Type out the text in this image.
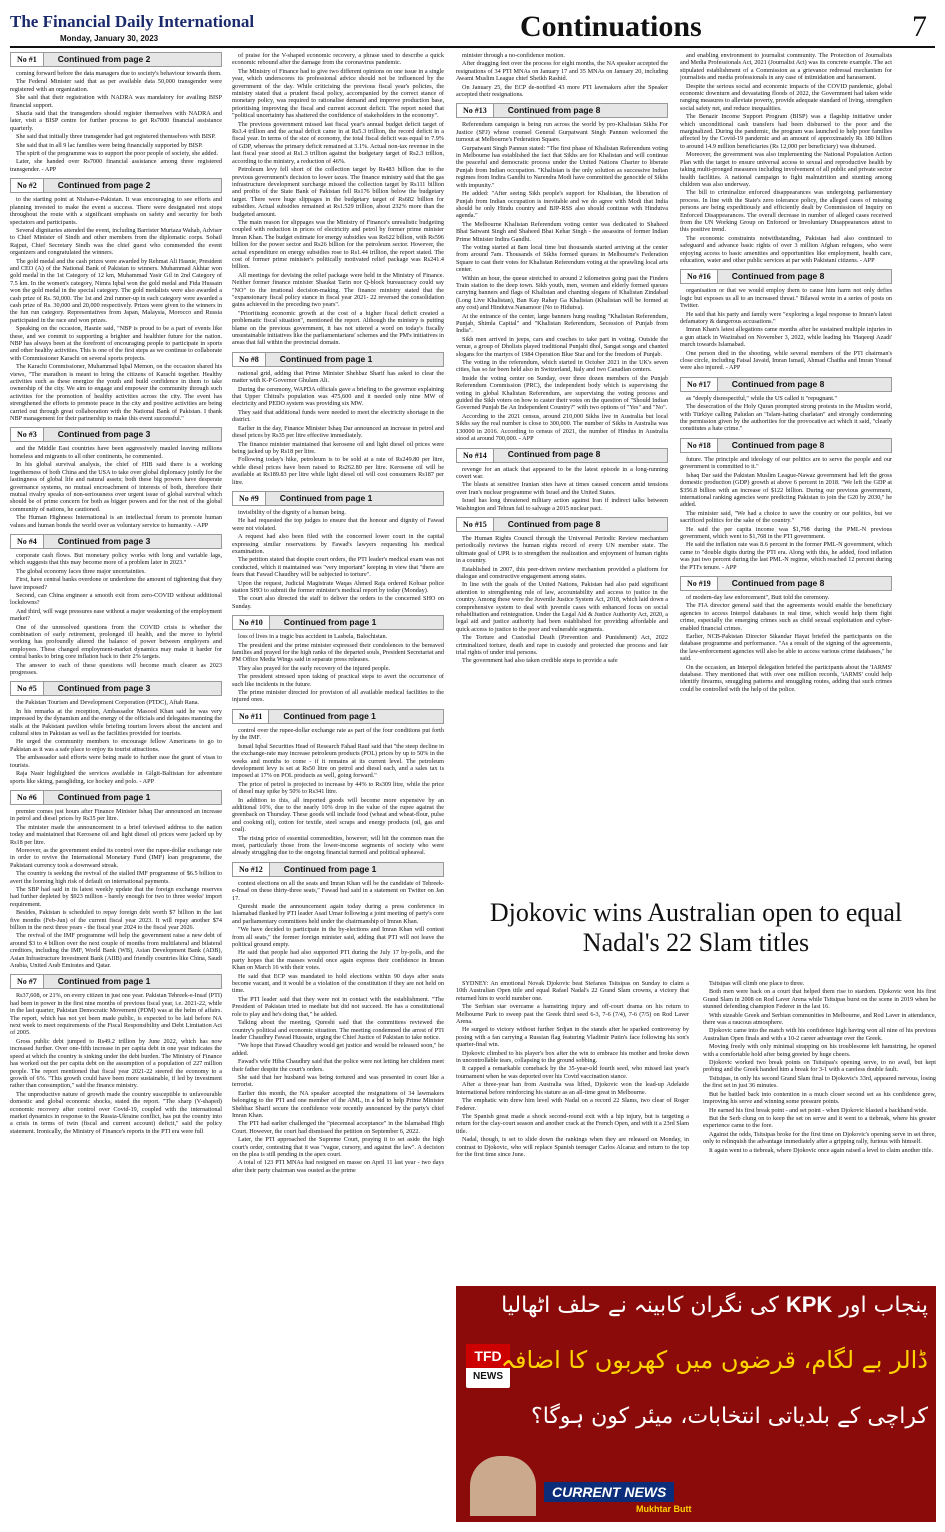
The Financial Daily International
Monday, January 30, 2023	Continuations	7
No #1	Continued from page 2

coming forward before the data managers due to society's behaviour towards them.

The Federal Minister said that as per available data 50,000 transgender were registered with an organization.

She said that their registration with NADRA was mandatory for availing BISP financial support.

Shazia said that the transgenders should register themselves with NADRA and later, visit a BISP centre for further process to get Rs7000 financial assistance quarterly.

She said that initially three transgender had got registered themselves with BISP.

She said that in all 9 lac families were being financially supported by BISP.

The spirit of the programme was to support the poor people of society, she added.

Later, she handed over Rs7000 financial assistance among three registered transgender. - APP

No #2	Continued from page 2

to the starting point at Nishan-e-Pakistan. It was encouraging to see efforts and planning invested to make the event a success. There were designated rest stops throughout the route with a significant emphasis on safety and security for both spectators and participants.

Several dignitaries attended the event, including Barrister Murtaza Wahab, Adviser to Chief Minister of Sindh and other members from the diplomatic corps. Sohail Rajput, Chief Secretary Sindh was the chief guest who commended the event organizers and congratulated the winners.

The gold medal and the cash prizes were awarded by Rehmat Ali Hasnie, President and CEO (A) of the National Bank of Pakistan to winners. Muhammad Akhtar won gold medal in the 1st Category of 12 km, Muhammad Yasir Gil in 2nd Category of 7.5 km. In the women's category, Nimra Iqbal won the gold medal and Fida Hussain won the gold medal in the special category. The gold medalists were also awarded a cash prize of Rs. 50,000. The 1st and 2nd runner-up in each category were awarded a cash prize of Rs. 30,000 and 20,000 respectively. Prizes were given to the winners in the fun run category. Representatives from Japan, Malaysia, Morocco and Russia participated in the race and won prizes.

Speaking on the occasion, Hasnie said, "NBP is proud to be a part of events like these, and we commit to supporting a brighter and healthier future for the nation. NBP has always been at the forefront of encouraging people to participate in sports and other healthy activities. This is one of the first steps as we continue to collaborate with Commissioner Karachi on several sports projects.

The Karachi Commissioner, Muhammad Iqbal Memon, on the occasion shared his views, "The marathon is meant to bring the citizens of Karachi together. Healthy activities such as these energize the youth and build confidence in them to take ownership of the city. We aim to engage and empower the community through such activities for the promotion of healthy activities across the city. The event has strengthened the efforts to promote peace in the city and positive activities are being carried out through great collaboration with the National Bank of Pakistan. I thank NBP management for their partnership to make this event successful."

No #3	Continued from page 3

and the Middle East countries have been aggressively mauled leaving millions homeless and migrants to all other continents, he commented.

In his global survival analysis, the chief of HIB said there is a working togetherness of both China and the USA to take over global diplomacy jointly for the lastingness of global life and natural assets; both these big powers have desperate governance systems, no mutual encroachment of interests of both, therefore their mutual rivalry speaks of non-seriousness over urgent issue of global survival which should be of prime concern for both as bigger powers and for the rest of the global community of nations, he cautioned.

The Human Highness International is an intellectual forum to promote human values and human bonds the world over as voluntary service to humanity. - APP

No #4	Continued from page 3

corporate cash flows. But monetary policy works with long and variable lags, which suggests that this may become more of a problem later in 2023."

The global economy faces three major uncertainties.

First, have central banks overdone or underdone the amount of tightening that they have imposed?

Second, can China engineer a smooth exit from zero-COVID without additional lockdowns?

And third, will wage pressures ease without a major weakening of the employment market?

One of the unresolved questions from the COVID crisis is whether the combination of early retirement, prolonged ill health, and the move to hybrid working has profoundly altered the balance of power between employers and employees. These changed employment-market dynamics may make it harder for central banks to bring core inflation back to their 2% targets.

The answer to each of these questions will become much clearer as 2023 progresses.

No #5	Continued from page 3

the Pakistan Tourism and Development Corporation (PTDC), Aftab Rana.

In his remarks at the reception, Ambassador Masood Khan said he was very impressed by the dynamism and the energy of the officials and delegates manning the stalls at the Pakistani pavilion while briefing tourism lovers about the ancient and cultural sites in Pakistan as well as the facilities provided for tourists.

He urged the community members to encourage fellow Americans to go to Pakistan as it was a safe place to enjoy its tourist attractions.

The ambassador said efforts were being made to further ease the grant of visas to tourists.

Raja Nasir highlighted the services available in Gilgit-Baltistan for adventure sports like skiing, paragliding, ice hockey and polo. - APP

No #6	Continued from page 1

premier comes just hours after Finance Minister Ishaq Dar announced an increase in petrol and diesel prices by Rs35 per litre.

The minister made the announcement in a brief televised address to the nation today and maintained that Kerosene oil and light diesel oil prices were jacked up by Rs18 per litre.

Moreover, as the government ended its control over the rupee-dollar exchange rate in order to revive the International Monetary Fund (IMF) loan programme, the Pakistani currency took a downward streak.

The country is seeking the revival of the stalled IMF programme of $6.5 billion to avert the looming high risk of default on international payments.

The SBP had said in its latest weekly update that the foreign exchange reserves had further depleted by $923 million - barely enough for two to three weeks' import requirement.

Besides, Pakistan is scheduled to repay foreign debt worth $7 billion in the last five months (Feb-Jun) of the current fiscal year 2023. It will repay another $74 billion in the next three years - the fiscal year 2024 to the fiscal year 2026.

The revival of the IMF programme will help the government raise a new debt of around $3 to 4 billion over the next couple of months from multilateral and bilateral creditors, including the IMF, World Bank (WB), Asian Development Bank (ADB), Asian Infrastructure Investment Bank (AIIB) and friendly countries like China, Saudi Arabia, United Arab Emirates and Qatar.

No #7	Continued from page 1

Rs37,608, or 21%, on every citizen in just one year. Pakistan Tehreek-e-Insaf (PTI) had been in power in the first nine months of previous fiscal year, i.e. 2021-22, while in the last quarter, Pakistan Democratic Movement (PDM) was at the helm of affairs. The report, which has not yet been made public, is expected to be laid before NA next week to meet requirements of the Fiscal Responsibility and Debt Limitation Act of 2005.

Gross public debt jumped to Rs49.2 trillion by June 2022, which has now increased further. Over one-fifth increase in per capita debt in one year indicates the speed at which the country is sinking under the debt burden. The Ministry of Finance has worked out the per capita debt on the assumption of a population of 227 million people. The report mentioned that fiscal year 2021-22 steered the economy to a growth of 6%. "This growth could have been more sustainable, if led by investment rather than consumption," said the finance ministry.

The unproductive nature of growth made the country susceptible to unfavourable domestic and global economic shocks, stated the report. "The sharp (V-shaped) economic recovery after control over Covid-19, coupled with the international market dynamics in response to the Russia-Ukraine conflict, has put the country into a crisis in terms of twin (fiscal and current account) deficit," said the policy statement. Ironically, the Ministry of Finance's reports in the PTI era were full

of praise for the V-shaped economic recovery, a phrase used to describe a quick economic rebound after the damage from the coronavirus pandemic.

The Ministry of Finance had to give two different opinions on one issue in a single year, which underscores its professional advice should not be influenced by the government of the day. While criticising the previous fiscal year's policies, the ministry stated that a prudent fiscal policy, accompanied by the correct stance of monetary policy, was required to rationalise demand and improve production base, prioritising improving the fiscal and current account deficit. The report noted that "political uncertainty has shattered the confidence of stakeholders in the economy".

The previous government missed last fiscal year's annual budget deficit target of Rs3.4 trillion and the actual deficit came in at Rs5.3 trillion, the record deficit in a fiscal year. In terms of the size of economy, the total fiscal deficit was equal to 7.9% of GDP, whereas the primary deficit remained at 3.1%. Actual non-tax revenue in the last fiscal year stood at Rs1.3 trillion against the budgetary target of Rs2.3 trillion, according to the ministry, a reduction of 46%.

Petroleum levy fell short of the collection target by Rs483 billion due to the previous government's decision to lower taxes. The finance ministry said that the gas infrastructure development surcharge missed the collection target by Rs111 billion and profits of the State Bank of Pakistan fell Rs176 billion below the budgetary target. There were huge slippages in the budgetary target of Rs682 billion for subsidies. Actual subsidies remained at Rs1.529 trillion, about 232% more than the budgeted amount.

The main reason for slippages was the Ministry of Finance's unrealistic budgeting coupled with reduction in prices of electricity and petrol by former prime minister Imran Khan. The budget estimate for energy subsidies was Rs622 billion, with Rs596 billion for the power sector and Rs26 billion for the petroleum sector. However, the actual expenditure on energy subsidies rose to Rs1.44 trillion, the report stated. The cost of former prime minister's politically motivated relief package was Rs241.4 billion.

All meetings for devising the relief package were held in the Ministry of Finance. Neither former finance minister Shaukat Tarin nor Q-block bureaucracy could say "NO" to the irrational decision-making. The finance ministry stated that the "expansionary fiscal policy stance in fiscal year 2021- 22 reversed the consolidation gains achieved in the preceding two years".

"Prioritising economic growth at the cost of a higher fiscal deficit created a problematic fiscal situation", mentioned the report. Although the ministry is putting blame on the previous government, it has not uttered a word on today's fiscally unsustainable initiatives like the parliamentarians' schemes and the PM's initiatives in areas that fall within the provincial domain.

No #8	Continued from page 1

national grid, adding that Prime Minister Shehbaz Sharif has asked to clear the matter with K-P Governor Ghulam Ali.

During the ceremony, WAPDA officials gave a briefing to the governor explaining that Upper Chitral's population was 475,600 and it needed only nine MW of electricity and PEDO system was providing six MW.

They said that additional funds were needed to meet the electricity shortage in the district.

Earlier in the day, Finance Minister Ishaq Dar announced an increase in petrol and diesel prices by Rs35 per litre effective immediately.

The finance minister maintained that kerosene oil and light diesel oil prices were being jacked up by Rs18 per litre.

Following today's hike, petroleum is to be sold at a rate of Rs249.80 per litre, while diesel prices have been raised to Rs262.80 per litre. Kerosene oil will be available at Rs189.83 per litre while light diesel oil will cost consumers Rs187 per litre.

No #9	Continued from page 1

invisibility of the dignity of a human being.

He had requested the top judges to ensure that the honour and dignity of Fawad were not violated.

A request had also been filed with the concerned lower court in the capital expressing similar reservations by Fawad's lawyers requesting his medical examination.

The petition stated that despite court orders, the PTI leader's medical exam was not conducted, which it maintained was "very important" keeping in view that "there are fears that Fawad Chaudhry will be subjected to torture".

Upon the request, Judicial Magistrate Waqas Ahmed Raja ordered Kohsar police station SHO to submit the former minister's medical report by today (Monday).

The court also directed the staff to deliver the orders to the concerned SHO on Sunday.

No #10	Continued from page 1

loss of lives in a tragic bus accident in Lasbela, Balochistan.

The president and the prime minister expressed their condolences to the bereaved families and prayed for the high ranks of the departed souls, President Secretariat and PM Office Media Wings said in separate press releases.

They also prayed for the early recovery of the injured people.

The president stressed upon taking of practical steps to avert the occurrence of such like incidents in the future.

The prime minister directed for provision of all available medical facilities to the injured ones.

No #11	Continued from page 1

control over the rupee-dollar exchange rate as part of the four conditions put forth by the IMF.

Ismail Iqbal Securities Head of Research Fahad Rauf said that "the steep decline in the exchange-rate may increase petroleum products (POL) prices by up to 50% in the weeks and months to come - if it remains at its current level. The petroleum development levy is set at Rs50 litre on petrol and diesel each, and a sales tax is imposed at 17% on POL products as well, going forward."

The price of petrol is projected to increase by 44% to Rs309 litre, while the price of diesel may spike by 50% to Rs341 litre.

In addition to this, all imported goods will become more expensive by an additional 10%, due to the nearly 10% drop in the value of the rupee against the greenback on Thursday. These goods will include food (wheat and wheat-flour, pulse and cooking oil), cotton for textile, steel scraps and energy products (oil, gas and coal).

The rising price of essential commodities, however, will hit the common man the most, particularly those from the lower-income segments of society who were already struggling due to the ongoing financial turmoil and political upheaval.

No #12	Continued from page 1

contest elections on all the seats and Imran Khan will be the candidate of Tehreek-e-Insaf on these thirty-three seats," Fawad had said in a statement on Twitter on Jan 17.

Qureshi made the announcement again today during a press conference in Islamabad flanked by PTI leader Asad Umar following a joint meeting of party's core and parliamentary committees held under the chairmanship of Imran Khan.

"We have decided to participate in the by-elections and Imran Khan will contest from all seats," the former foreign minister said, adding that PTI will not leave the political ground empty.

He said that people had also supported PTI during the July 17 by-polls, and the party hopes that the masses would once again express their confidence in Imran Khan on March 16 with their votes.

He said that ECP was mandated to hold elections within 90 days after seats become vacant, and it would be a violation of the constitution if they are not held on time.

The PTI leader said that they were not in contact with the establishment. "The President of Pakistan tried to mediate but did not succeed. He has a constitutional role to play and he's doing that," he added.

Talking about the meeting, Qureshi said that the committees reviewed the country's political and economic situation. The meeting condemned the arrest of PTI leader Chaudhry Fawad Hussain, urging the Chief Justice of Pakistan to take notice.

"We hope that Fawad Chaudhry would get justice and would be released soon," he added.

Fawad's wife Hiba Chaudhry said that the police were not letting her children meet their father despite the court's orders.

She said that her husband was being tortured and was presented in court like a terrorist.

Earlier this month, the NA speaker accepted the resignations of 34 lawmakers belonging to the PTI and one member of the AML, in a bid to help Prime Minister Shehbaz Sharif secure the confidence vote recently announced by the party's chief Imran Khan.

The PTI had earlier challenged the "piecemeal acceptance" in the Islamabad High Court. However, the court had dismissed the petition on September 6, 2022.

Later, the PTI approached the Supreme Court, praying it to set aside the high court's order, contesting that it was "vague, cursory, and against the law". A decision on the plea is still pending in the apex court.

A total of 123 PTI MNAs had resigned en masse on April 11 last year - two days after their party chairman was ousted as the prime

minister through a no-confidence motion.

After dragging feet over the process for eight months, the NA speaker accepted the resignations of 34 PTI MNAs on January 17 and 35 MNAs on January 20, including Awami Muslim League chief Sheikh Rashid.

On January 25, the ECP de-notified 43 more PTI lawmakers after the Speaker accepted their resignations.

No #13	Continued from page 8

Referendum campaign is being run across the world by pro-Khalistan Sikhs For Justice (SFJ) whose counsel General Gurpatwant Singh Pannun welcomed the turnout at Melbourne's Federation Square.

Gurpatwant Singh Pannun stated: "The first phase of Khalistan Referendum voting in Melbourne has established the fact that Sikhs are for Khalistan and will continue the peaceful and democratic process under the United Nations Charter to liberate Punjab from Indian occupation. "Khalistan is the only solution as successive Indian regimes from Indira Gandhi to Narendra Modi have committed the genocide of Sikhs with impunity."

He added: "After seeing Sikh people's support for Khalistan, the liberation of Punjab from Indian occupation is inevitable and we do agree with Modi that India should be only Hindu country and BJP-RSS also should continue with Hindutva agenda."

The Melbourne Khalistan Referendum voting center was dedicated to Shaheed Bhai Satwant Singh and Shaheed Bhai Kehar Singh - the assassins of former Indian Prime Minister Indira Gandhi.

The voting started at 8am local time but thousands started arriving at the center from around 7am. Thousands of Sikhs formed queues in Melbourne's Federation Square to cast their votes for Khalistan Referendum voting at the sprawling local arts center.

Within an hour, the queue stretched to around 2 kilometres going past the Finders Train station to the deep town. Sikh youth, men, women and elderly formed queues carrying banners and flags of Khalistan and chanting slogans of Khalistan Zindabad (Long Live Khalistan), Ban Kay Rahay Ga Khalistan (Khalistan will be formed at any cost) and Hindutva Nanamoor (No to Hidutva).

At the entrance of the center, large banners hung reading "Khalistan Referendum, Punjab, Shimla Capital" and "Khalistan Referendum, Secession of Punjab from India".

Sikh men arrived in jeeps, cars and coaches to take part in voting. Outside the venue, a group of Dholists played traditional Punjabi dhol, Sangat songs and chanted slogans for the martyrs of 1984 Operation Blue Star and for the freedom of Punjab.

The voting in the referendum, which started in October 2021 in the UK's seven cities, has so far been held also in Switzerland, Italy and two Canadian centers.

Inside the voting center on Sunday, over three dozen members of the Punjab Referendum Commission (PRC), the independent body which is supervising the voting in global Khalistan Referendum, are supervising the voting process and guided the Sikh voters on how to caster their votes on the question of "Should Indian Governed Punjab Be An Independent Country?" with two options of "Yes" and "No".

According to the 2021 census, around 210,000 Sikhs live in Australia but local Sikhs say the real number is close to 300,000. The number of Sikhs in Australia was 130000 in 2016. According to census of 2021, the number of Hindus in Australia stood at around 700,000. - APP

No #14	Continued from page 8

revenge for an attack that appeared to be the latest episode in a long-running covert war.

The blasts at sensitive Iranian sites have at times caused concern amid tensions over Iran's nuclear programme with Israel and the United States.

Israel has long threatened military action against Iran if indirect talks between Washington and Tehran fail to salvage a 2015 nuclear pact.

No #15	Continued from page 8

The Human Rights Council through the Universal Periodic Review mechanism periodically reviews the human rights record of every UN member state. The ultimate goal of UPR is to strengthen the realization and enjoyment of human rights in a country.

Established in 2007, this peer-driven review mechanism provided a platform for dialogue and constructive engagement among states.

In line with the goals of the United Nations, Pakistan had also paid significant attention to strengthening rule of law, accountability and access to justice in the country. Among these were the Juvenile Justice System Act, 2018, which laid down a comprehensive system to deal with juvenile cases with enhanced focus on social rehabilitation and reintegration. Under the Legal Aid & Justice Authority Act, 2020, a legal aid and justice authority had been established for providing affordable and quick access to justice to the poor and vulnerable segments.

The Torture and Custodial Death (Prevention and Punishment) Act, 2022 criminalized torture, death and rape in custody and protected due process and fair trial rights of under trial persons.

The government had also taken credible steps to provide a safe

and enabling environment to journalist community. The Protection of Journalists and Media Professionals Act, 2021 (Journalist Act) was its concrete example. The act stipulated establishment of a Commission as a grievance redressal mechanism for journalists and media professionals in any case of intimidation and harassment.

Despite the serious social and economic impacts of the COVID pandemic, global economic downturn and devastating floods of 2022, the Government had taken wide ranging measures to alleviate poverty, provide adequate standard of living, strengthen social safety net, and reduce inequalities.

The Benazir Income Support Program (BISP) was a flagship initiative under which unconditional cash transfers had been disbursed to the poor and the marginalized. During the pandemic, the program was launched to help poor families affected by the Covid-19 pandemic and an amount of approximately Rs 180 billion to around 14.9 million beneficiaries (Rs 12,000 per beneficiary) was disbursed.

Moreover, the government was also implementing the National Population Action Plan with the target to ensure universal access to sexual and reproductive health by taking multi-pronged measures including involvement of all public and private sector health facilities. A national campaign to fight malnutrition and stunting among children was also underway.

The bill to criminalize enforced disappearances was undergoing parliamentary process. In line with the State's zero tolerance policy, the alleged cases of missing persons are being expeditiously and efficiently dealt by Commission of Inquiry on Enforced Disappearances. The overall decrease in number of alleged cases received from the UN Working Group on Enforced or Involuntary Disappearances attest to this positive trend.

The economic constraints notwithstanding, Pakistan had also continued to safeguard and advance basic rights of over 3 million Afghan refugees, who were enjoying access to basic amenities and opportunities like employment, health care, education, water and other public services at par with Pakistani citizens. - APP

No #16	Continued from page 8

organisation or that we would employ them to cause him harm not only defies logic but exposes us all to an increased threat." Bilawal wrote in a series of posts on Twitter.

He said that his party and family were "exploring a legal response to Imran's latest defamatory & dangerous accusations."

Imran Khan's latest allegations came months after he sustained multiple injuries in a gun attack in Wazirabad on November 3, 2022, while leading his 'Haqeeqi Azadi' march towards Islamabad.

One person died in the shooting, while several members of the PTI chairman's close circle, including Faisal Javaid, Imran Ismail, Ahmad Chattha and Imran Yousaf were also injured. - APP

No #17	Continued from page 8

as "deeply disrespectful," while the US called it "repugnant."

The desecration of the Holy Quran prompted strong protests in the Muslim world, with Türkiye calling Paludan an "Islam-hating charlatan" and strongly condemning the permission given by the authorities for the provocative act which it said, "clearly constitutes a hate crime."

No #18	Continued from page 8

future. The principle and ideology of our politics are to serve the people and our government is committed to it."

Ishaq Dar said the Pakistan Muslim League-Nawaz government had left the gross domestic production (GDP) growth at above 6 percent in 2018. "We left the GDP at $356.8 billion with an increase of $122 billion. During our previous government, international ranking agencies were predicting Pakistan to join the G20 by 2030," he added.

The minister said, "We had a choice to save the country or our politics, but we sacrificed politics for the sake of the country."

He said the per capita income was $1,798 during the PML-N previous government, which went to $1,768 in the PTI government.

He said the inflation rate was 8.6 percent in the former PML-N government, which came to "double digits during the PTI era. Along with this, he added, food inflation was just two percent during the last PML-N regime, which reached 12 percent during the PTI's tenure. - APP

No #19	Continued from page 8

of modern-day law enforcement", Butt told the ceremony.

The FIA director general said that the agreements would enable the beneficiary agencies to access Interpol databases in real time, which would help them fight crime, especially the emerging crimes such as child sexual exploitation and cyber-enabled financial crimes.

Earlier, NCB-Pakistan Director Sikandar Hayat briefed the participants on the database programme and performance. "As a result of the signing of the agreements, the law-enforcement agencies will also be able to access various crime databases," he said.

On the occasion, an Interpol delegation briefed the participants about the 'IARMS' database. They mentioned that with over one million records, 'iARMS' could help identify firearms, smuggling patterns and smuggling routes, adding that such crimes could be controlled with the help of the police.

Djokovic wins Australian open to equal Nadal's 22 Slam titles

SYDNEY: An emotional Novak Djokovic beat Stefanos Tsitsipas on Sunday to claim a 10th Australian Open title and equal Rafael Nadal's 22 Grand Slam crowns, a victory that returned him to world number one.

The Serbian star overcame a hamstring injury and off-court drama on his return to Melbourne Park to sweep past the Greek third seed 6-3, 7-6 (7/4), 7-6 (7/5) on Rod Laver Arena.

He surged to victory without further Srdjan in the stands after he sparked controversy by posing with a fan carrying a Russian flag featuring Vladimir Putin's face following his son's quarter-final win.

Djokovic climbed to his player's box after the win to embrace his mother and broke down in uncontrollable tears, collapsing to the ground sobbing.

It capped a remarkable comeback by the 35-year-old fourth seed, who missed last year's tournament when he was deported over his Covid vaccination stance.

After a three-year ban from Australia was lifted, Djokovic won the lead-up Adelaide International before reinforcing his stature as an all-time great in Melbourne.

The emphatic win drew him level with Nadal on a record 22 Slams, two clear of Roger Federer.

The Spanish great made a shock second-round exit with a hip injury, but is targeting a return for the clay-court season and another crack at the French Open, and with it a 23rd Slam title.

Nadal, though, is set to slide down the rankings when they are released on Monday, in contrast to Djokovic, who will replace Spanish teenager Carlos Alcaraz and return to the top for the first time since June.

Tsitsipas will climb one place to three.

Both men were back on a court that helped them rise to stardom. Djokovic won his first Grand Slam in 2008 on Rod Laver Arena while Tsitsipas burst on the scene in 2019 when he stunned defending champion Federer in the last 16.

With sizeable Greek and Serbian communities in Melbourne, and Rod Laver in attendance, there was a raucous atmosphere.

Djokovic came into the match with his confidence high having won all nine of his previous Australian Open finals and with a 10-2 career advantage over the Greek.

Moving freely with only minimal strapping on his troublesome left hamstring, he opened with a comfortable hold after being greeted by huge cheers.

Djokovic worked two break points on Tsitsipas's opening serve, to no avail, but kept probing and the Greek handed him a break for 3-1 with a careless double fault.

Tsitsipas, in only his second Grand Slam final to Djokovic's 33rd, appeared nervous, losing the first set in just 36 minutes.

But he battled back into contention in a much closer second set as his confidence grew, improving his serve and winning some pressure points.

He earned his first break point - and set point - when Djokovic blasted a backhand wide.

But the Serb clung on to keep the set on serve and it went to a tiebreak, where his greater experience came to the fore.

Against the odds, Tsitsipas broke for the first time on Djokovic's opening serve in set three, only to relinquish the advantage immediately after a gripping rally, furious with himself.

It again went to a tiebreak, where Djokovic once again raised a level to claim another title.

پنجاب اور KPK کی نگران کابینہ نے حلف اٹھالیا
TFD
NEWS
ڈالر بے لگام، قرضوں میں کھربوں کا اضافہ
کراچی کے بلدیاتی انتخابات، میئر کون ہوگا؟
CURRENT NEWS
Mukhtar Butt
